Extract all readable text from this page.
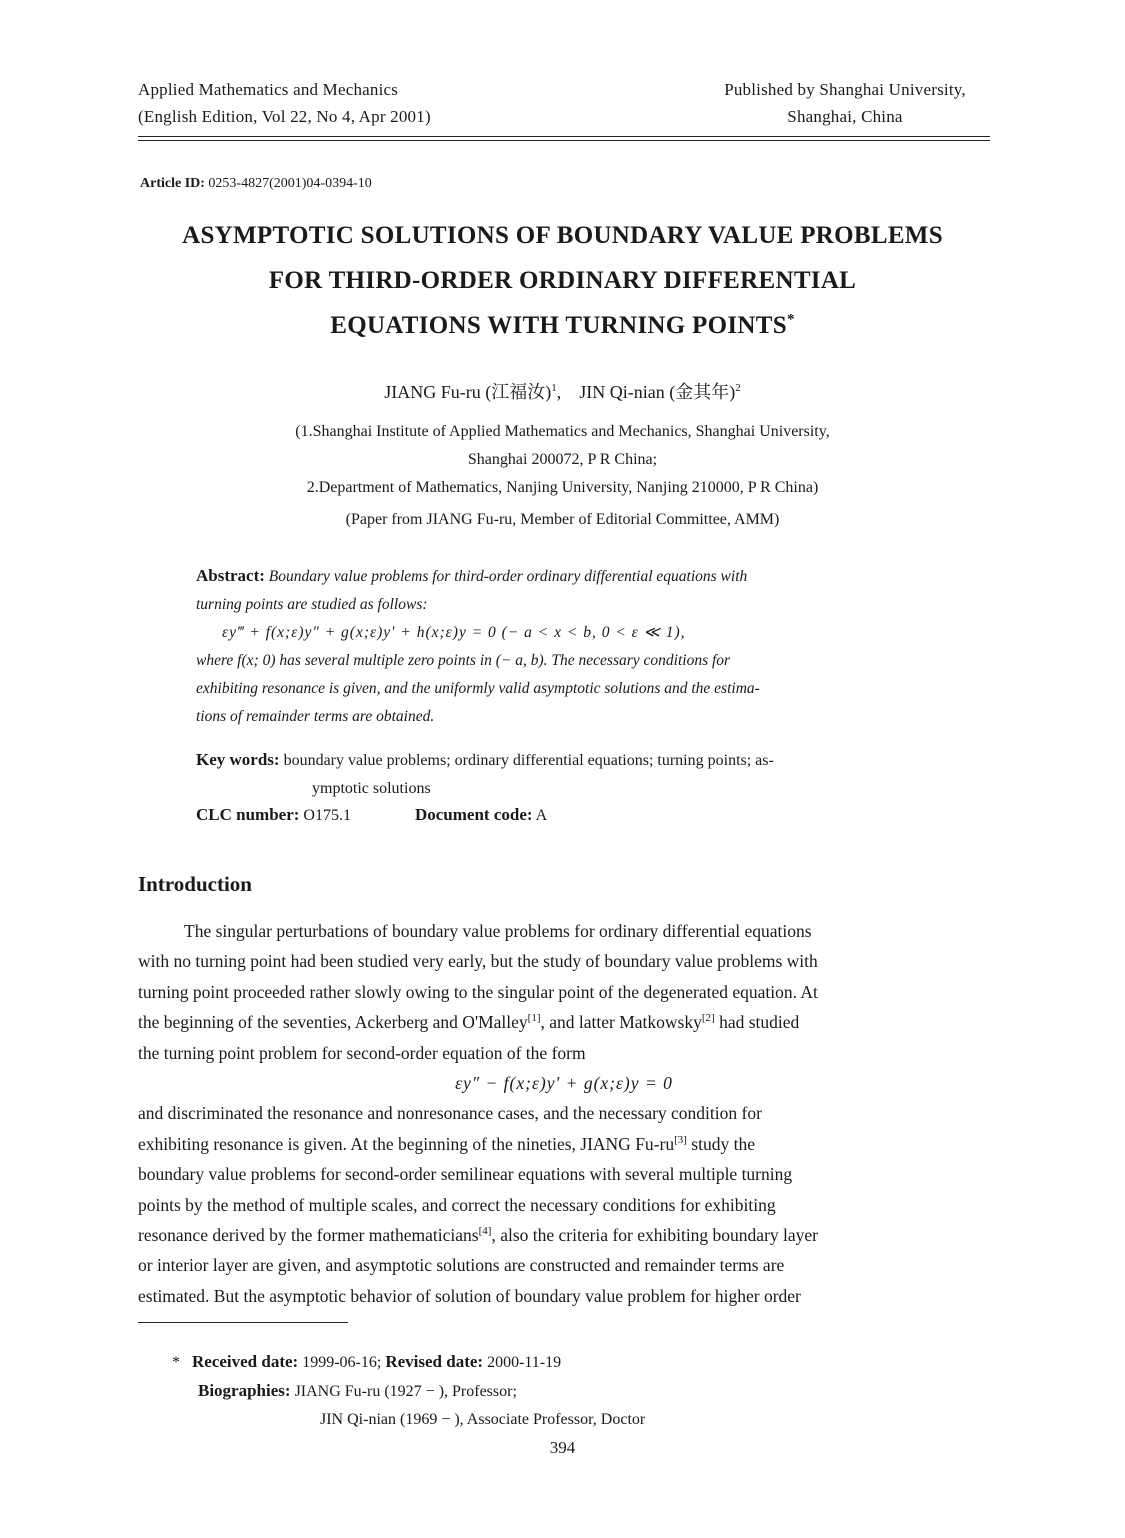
Applied Mathematics and Mechanics
(English Edition, Vol 22, No 4, Apr 2001)
Published by Shanghai University,
Shanghai, China
Article ID: 0253-4827(2001)04-0394-10
ASYMPTOTIC SOLUTIONS OF BOUNDARY VALUE PROBLEMS
FOR THIRD-ORDER ORDINARY DIFFERENTIAL
EQUATIONS WITH TURNING POINTS*
JIANG Fu-ru (江福汝)$^1$,    JIN Qi-nian (金其年)$^2$
(1.Shanghai Institute of Applied Mathematics and Mechanics, Shanghai University,
Shanghai 200072, P R China;
2.Department of Mathematics, Nanjing University, Nanjing 210000, P R China)
(Paper from JIANG Fu-ru, Member of Editorial Committee, AMM)
Abstract: Boundary value problems for third-order ordinary differential equations with
turning points are studied as follows:
εy‴ + f(x;ε)y″ + g(x;ε)y′ + h(x;ε)y = 0 (− a < x < b, 0 < ε ≪ 1),
where f(x; 0) has several multiple zero points in (− a, b). The necessary conditions for
exhibiting resonance is given, and the uniformly valid asymptotic solutions and the estima-
tions of remainder terms are obtained.
Key words: boundary value problems; ordinary differential equations; turning points; as-
ymptotic solutions
CLC number: O175.1	Document code: A
Introduction

The singular perturbations of boundary value problems for ordinary differential equations

with no turning point had been studied very early, but the study of boundary value problems with

turning point proceeded rather slowly owing to the singular point of the degenerated equation. At

the beginning of the seventies, Ackerberg and O'Malley[1], and latter Matkowsky[2] had studied

the turning point problem for second-order equation of the form

εy″ − f(x;ε)y′ + g(x;ε)y = 0

and discriminated the resonance and nonresonance cases, and the necessary condition for

exhibiting resonance is given. At the beginning of the nineties, JIANG Fu-ru[3] study the

boundary value problems for second-order semilinear equations with several multiple turning

points by the method of multiple scales, and correct the necessary conditions for exhibiting

resonance derived by the former mathematicians[4], also the criteria for exhibiting boundary layer

or interior layer are given, and asymptotic solutions are constructed and remainder terms are

estimated. But the asymptotic behavior of solution of boundary value problem for higher order

* Received date: 1999-06-16; Revised date: 2000-11-19
Biographies: JIANG Fu-ru (1927 − ), Professor;
JIN Qi-nian (1969 − ), Associate Professor, Doctor
394
